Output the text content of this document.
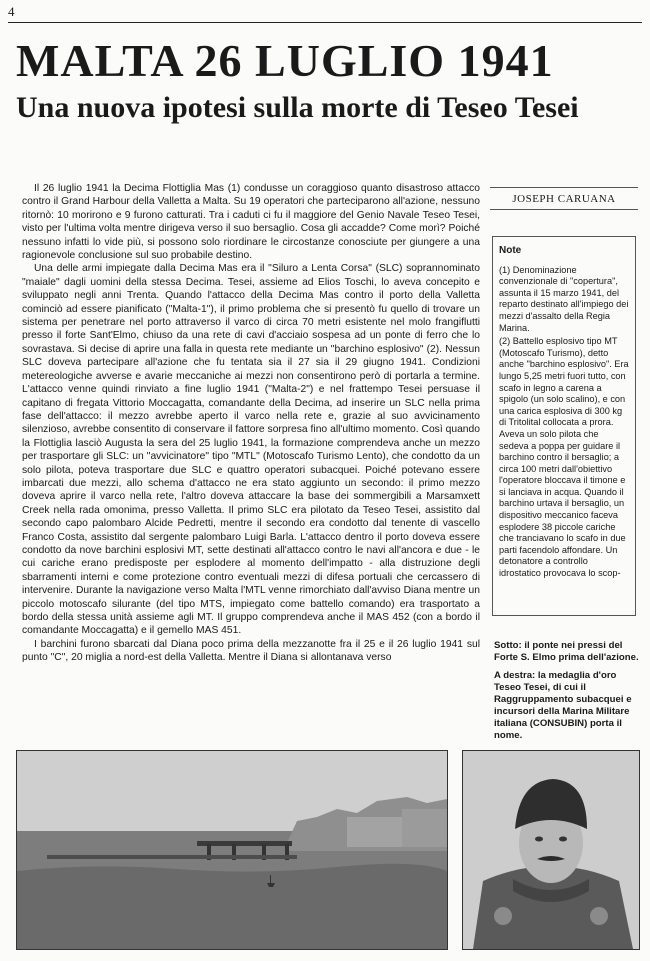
4
MALTA 26 LUGLIO 1941
Una nuova ipotesi sulla morte di Teseo Tesei

Il 26 luglio 1941 la Decima Flottiglia Mas (1) condusse un coraggioso quanto disastroso attacco contro il Grand Harbour della Valletta a Malta. Su 19 operatori che parteciparono all'azione, nessuno ritornò: 10 morirono e 9 furono catturati. Tra i caduti ci fu il maggiore del Genio Navale Teseo Tesei, visto per l'ultima volta mentre dirigeva verso il suo bersaglio. Cosa gli accadde? Come morì? Poiché nessuno infatti lo vide più, si possono solo riordinare le circostanze conosciute per giungere a una ragionevole conclusione sul suo probabile destino.

Una delle armi impiegate dalla Decima Mas era il "Siluro a Lenta Corsa" (SLC) soprannominato "maiale" dagli uomini della stessa Decima. Tesei, assieme ad Elios Toschi, lo aveva concepito e sviluppato negli anni Trenta. Quando l'attacco della Decima Mas contro il porto della Valletta cominciò ad essere pianificato ("Malta-1"), il primo problema che si presentò fu quello di trovare un sistema per penetrare nel porto attraverso il varco di circa 70 metri esistente nel molo frangiflutti presso il forte Sant'Elmo, chiuso da una rete di cavi d'acciaio sospesa ad un ponte di ferro che lo sovrastava. Si decise di aprire una falla in questa rete mediante un "barchino esplosivo" (2). Nessun SLC doveva partecipare all'azione che fu tentata sia il 27 sia il 29 giugno 1941. Condizioni metereologiche avverse e avarie meccaniche ai mezzi non consentirono però di portarla a termine. L'attacco venne quindi rinviato a fine luglio 1941 ("Malta-2") e nel frattempo Tesei persuase il capitano di fregata Vittorio Moccagatta, comandante della Decima, ad inserire un SLC nella prima fase dell'attacco: il mezzo avrebbe aperto il varco nella rete e, grazie al suo avvicinamento silenzioso, avrebbe consentito di conservare il fattore sorpresa fino all'ultimo momento. Così quando la Flottiglia lasciò Augusta la sera del 25 luglio 1941, la formazione comprendeva anche un mezzo per trasportare gli SLC: un "avvicinatore" tipo "MTL" (Motoscafo Turismo Lento), che condotto da un solo pilota, poteva trasportare due SLC e quattro operatori subacquei. Poiché potevano essere imbarcati due mezzi, allo schema d'attacco ne era stato aggiunto un secondo: il primo mezzo doveva aprire il varco nella rete, l'altro doveva attaccare la base dei sommergibili a Marsamxett Creek nella rada omonima, presso Valletta. Il primo SLC era pilotato da Teseo Tesei, assistito dal secondo capo palombaro Alcide Pedretti, mentre il secondo era condotto dal tenente di vascello Franco Costa, assistito dal sergente palombaro Luigi Barla. L'attacco dentro il porto doveva essere condotto da nove barchini esplosivi MT, sette destinati all'attacco contro le navi all'ancora e due - le cui cariche erano predisposte per esplodere al momento dell'impatto - alla distruzione degli sbarramenti interni e come protezione contro eventuali mezzi di difesa portuali che cercassero di intervenire. Durante la navigazione verso Malta l'MTL venne rimorchiato dall'avviso Diana mentre un piccolo motoscafo silurante (del tipo MTS, impiegato come battello comando) era trasportato a bordo della stessa unità assieme agli MT. Il gruppo comprendeva anche il MAS 452 (con a bordo il comandante Moccagatta) e il gemello MAS 451.

I barchini furono sbarcati dal Diana poco prima della mezzanotte fra il 25 e il 26 luglio 1941 sul punto "C", 20 miglia a nord-est della Valletta. Mentre il Diana si allontanava verso

JOSEPH CARUANA
Note

(1) Denominazione convenzionale di "copertura", assunta il 15 marzo 1941, del reparto destinato all'impiego dei mezzi d'assalto della Regia Marina.

(2) Battello esplosivo tipo MT (Motoscafo Turismo), detto anche "barchino esplosivo". Era lungo 5,25 metri fuori tutto, con scafo in legno a carena a spigolo (un solo scalino), e con una carica esplosiva di 300 kg di Tritolital collocata a prora. Aveva un solo pilota che sedeva a poppa per guidare il barchino contro il bersaglio; a circa 100 metri dall'obiettivo l'operatore bloccava il timone e si lanciava in acqua. Quando il barchino urtava il bersaglio, un dispositivo meccanico faceva esplodere 38 piccole cariche che tranciavano lo scafo in due parti facendolo affondare. Un detonatore a controllo idrostatico provocava lo scop-

Sotto: il ponte nei pressi del Forte S. Elmo prima dell'azione.

A destra: la medaglia d'oro Teseo Tesei, di cui il Raggruppamento subacquei e incursori della Marina Militare italiana (CONSUBIN) porta il nome.
